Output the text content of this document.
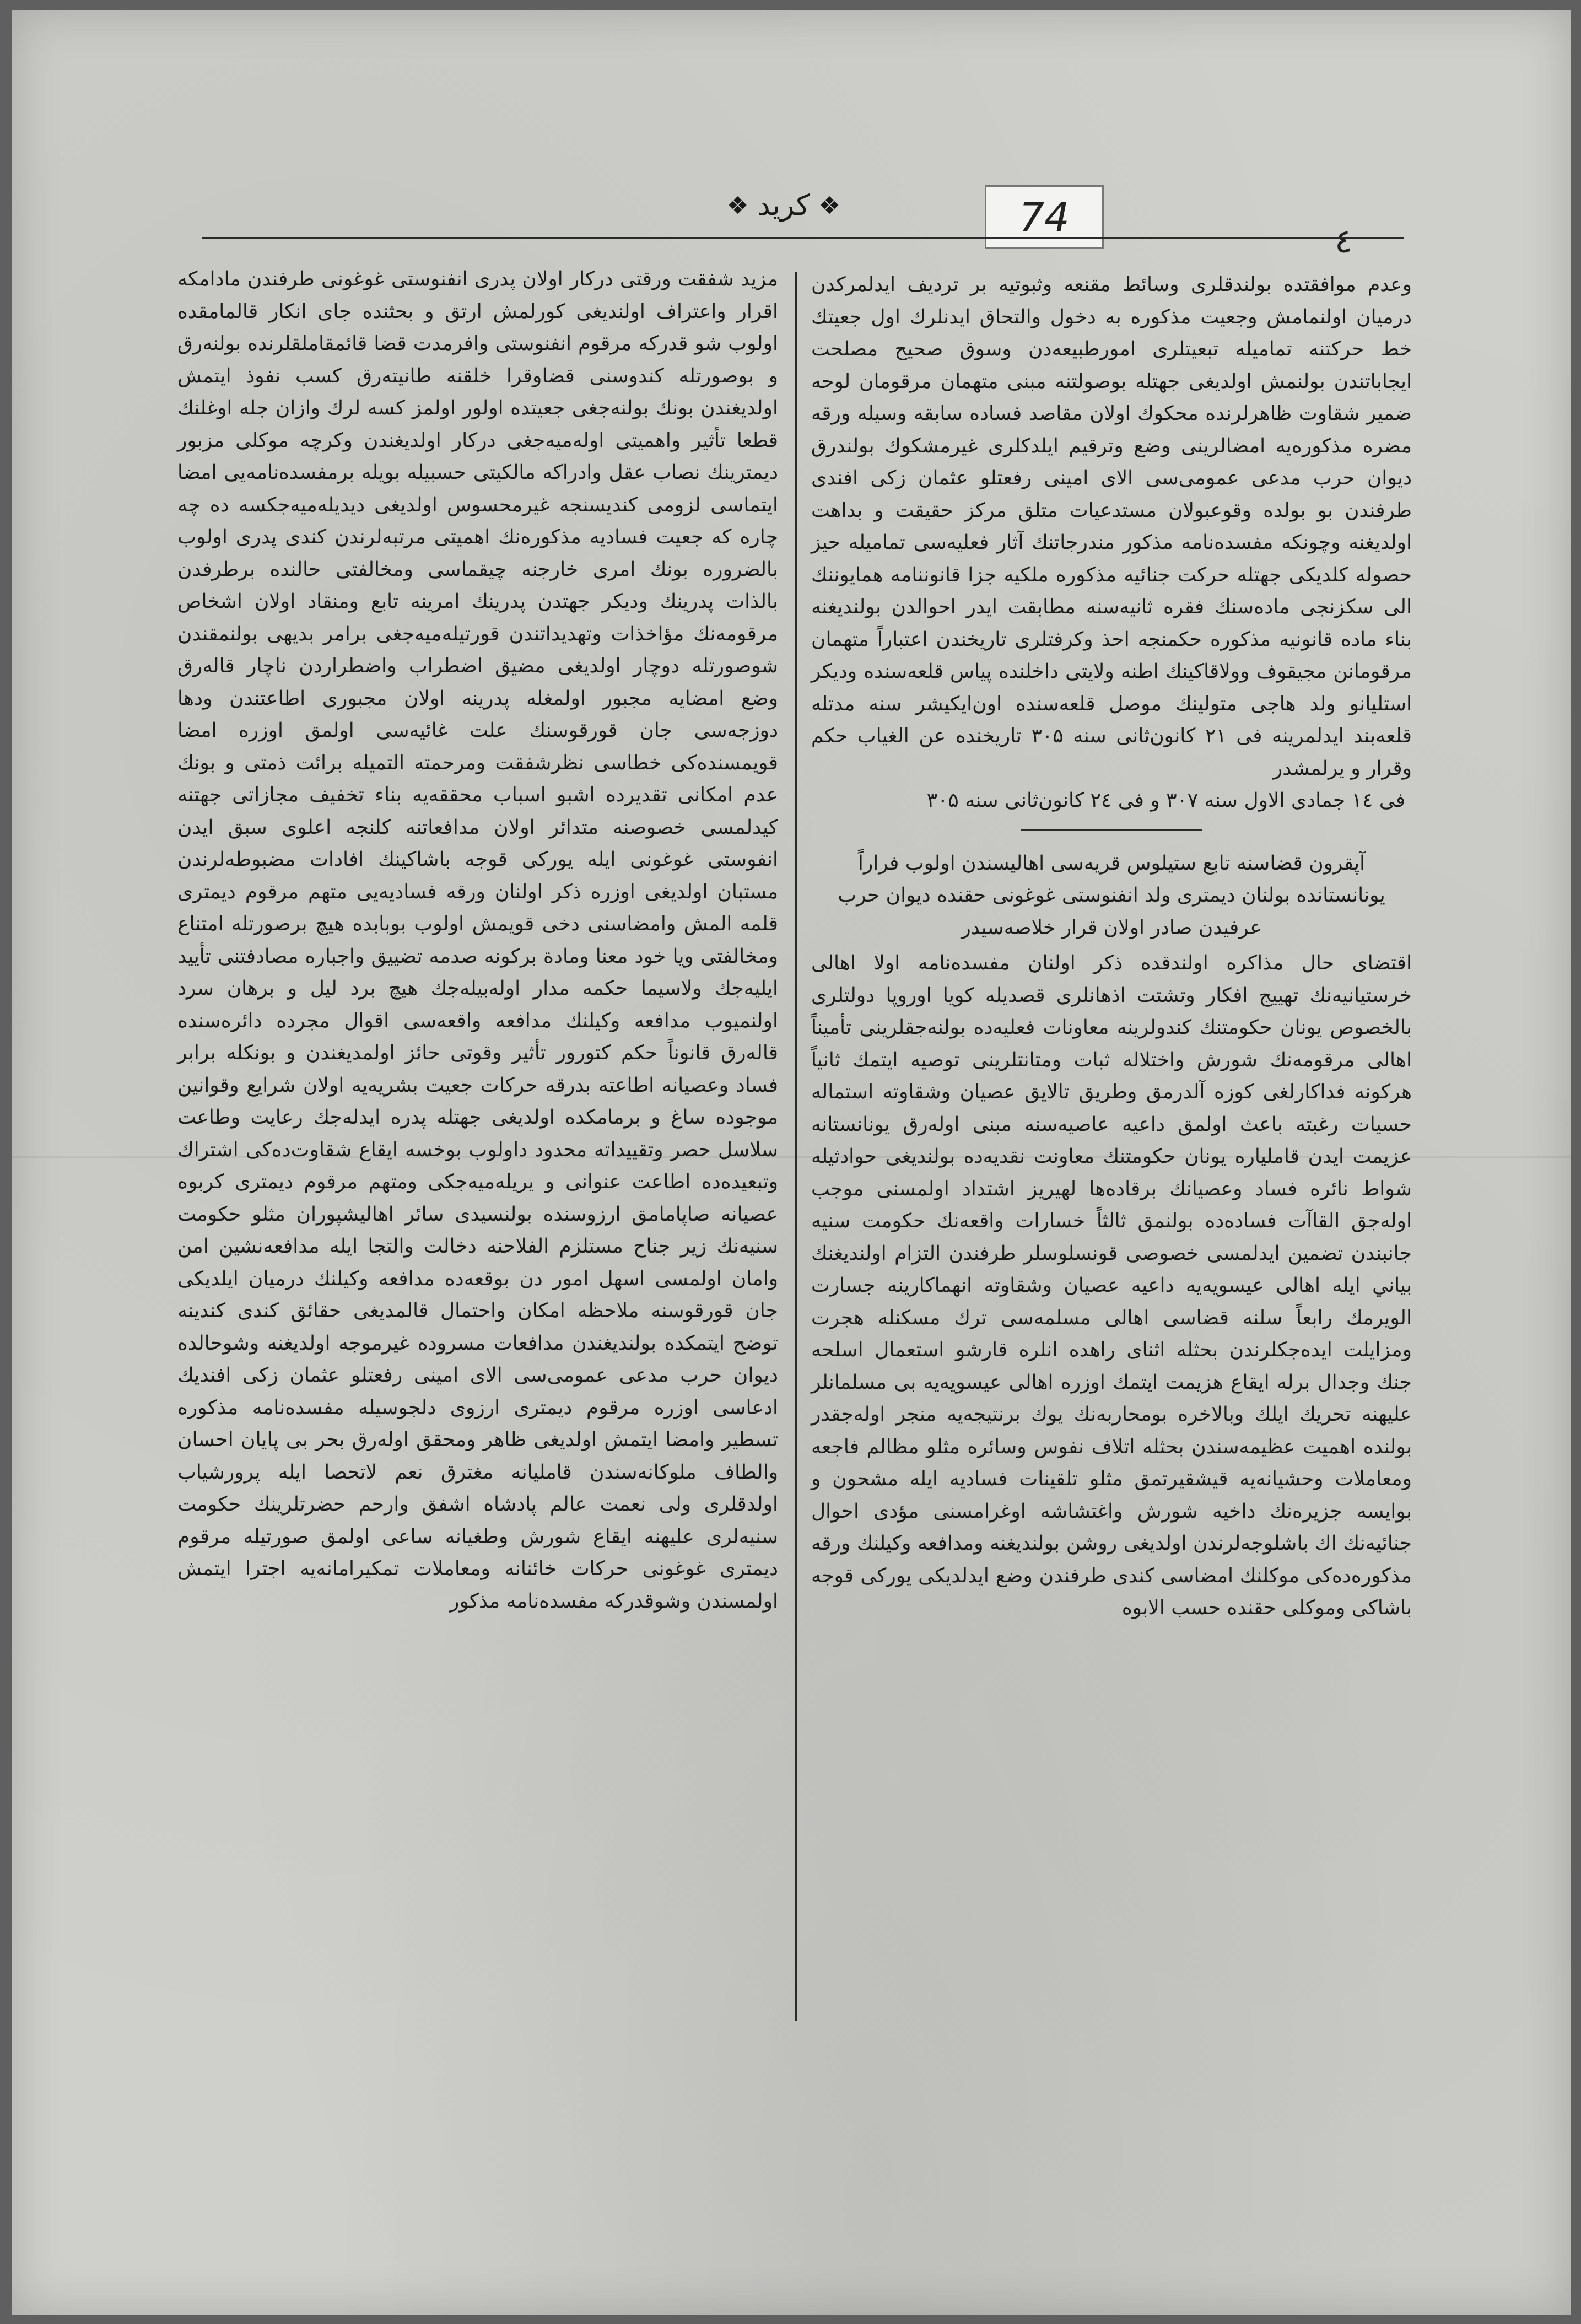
❖ کريد ❖	74
٤

وعدم موافقتده بولندقلری وسائط مقنعه وثبوتيه بر ترديف ايدلمرکدن درميان اولنمامش وجعيت مذکوره به دخول والتحاق ايدنلرك اول جعيتك خط حرکتنه تماميله تبعيتلری امورطبيعه‌دن وسوق صحيح مصلحت ايجاباتندن بولنمش اولديغی جهتله بوصولتنه مبنی متهمان مرقومان لوحه ضمير شقاوت ظاهرلرنده محکوك اولان مقاصد فساده سابقه وسيله ورقه مضره مذکوره‌يه امضالرينی وضع وترقيم ايلدکلری غيرمشکوك بولندرق ديوان حرب مدعی عمومی‌سی الای امينی رفعتلو عثمان زکی افندی طرفندن بو بولده وقوعبولان مستدعيات متلق مرکز حقيقت و بداهت اولديغنه وچونکه مفسده‌نامه مذکور مندرجاتنك آثار فعليه‌سی تماميله حيز حصوله کلديکی جهتله حرکت جنائيه مذکوره ملکيه جزا قانوننامه همايوننك الی سکزنجی ماده‌سنك فقره ثانيه‌سنه مطابقت ايدر احوالدن بولنديغنه بناء ماده قانونيه مذکوره حکمنجه احذ وکرفتلری تاريخندن اعتباراً متهمان مرقومانن مجيقوف وولاقاکينك اطنه ولايتی داخلنده پياس قلعه‌سنده وديکر استليانو ولد هاجی متولينك موصل قلعه‌سنده اون‌ايکيشر سنه مدتله قلعه‌بند ايدلمرينه فی ۲۱ کانون‌ثانی سنه ۳۰۵ تاريخنده عن الغياب حکم وقرار و يرلمشدر

فی ۱٤ جمادی الاول سنه ۳۰۷ و فی ۲٤ کانون‌ثانی سنه ۳۰۵

آپقرون قضاسنه تابع ستيلوس قريه‌سی اهاليسندن اولوب فراراً يونانستانده بولنان ديمتری ولد انفنوستی غوغونی حقنده ديوان حرب عرفيدن صادر اولان قرار خلاصه‌سيدر

اقتضای حال مذاکره اولندقده ذکر اولنان مفسده‌نامه اولا اهالی خرستيانيه‌نك تهييج افکار وتشتت اذهانلری قصديله کويا اوروپا دولتلری بالخصوص يونان حکومتنك کندولرينه معاونات فعليه‌ده بولنه‌جقلرينی تأميناً اهالی مرقومه‌نك شورش واختلاله ثبات ومتانتلرينی توصيه ايتمك ثانياً هرکونه فداکارلغی کوزه آلدرمق وطريق تالايق عصيان وشقاوته استماله حسيات رغبته باعث اولمق داعيه عاصيه‌سنه مبنی اوله‌رق يونانستانه عزيمت ايدن قاملياره يونان حکومتنك معاونت نقديه‌ده بولنديغی حوادثيله شواط نائره فساد وعصيانك برقاده‌ها لهيريز اشتداد اولمسنی موجب اوله‌جق القاآت فساده‌ده بولنمق ثالثاً خسارات واقعه‌نك حکومت سنيه جانبندن تضمين ايدلمسی خصوصی قونسلوسلر طرفندن التزام اولنديغنك بياني ايله اهالی عيسويه‌يه داعيه عصيان وشقاوته انهماکارينه جسارت الويرمك رابعاً سلنه قضاسی اهالی مسلمه‌سی ترك مسکنله هجرت ومزايلت ايده‌جکلرندن بحثله اثنای راهده انلره قارشو استعمال اسلحه جنك وجدال برله ايقاع هزيمت ايتمك اوزره اهالی عيسويه‌يه بی مسلمانلر عليهنه تحريك ايلك وبالاخره بومحاربه‌نك يوك برنتيجه‌يه منجر اوله‌جقدر بولنده اهميت عظيمه‌سندن بحثله اتلاف نفوس وسائره مثلو مظالم فاجعه ومعاملات وحشيانه‌يه قيشقيرتمق مثلو تلقينات فساديه ايله مشحون و بوايسه جزيره‌نك داخيه شورش واغتشاشه اوغرامسنی مؤدی احوال جنائيه‌نك اك باشلوجه‌لرندن اولديغی روشن بولنديغنه ومدافعه وکيلنك ورقه مذکوره‌ده‌کی موکلنك امضاسی کندی طرفندن وضع ايدلديکی يورکی قوجه باشاکی وموکلی حقنده حسب الابوه

مزيد شفقت ورقتی درکار اولان پدری انفنوستی غوغونی طرفندن مادامکه اقرار واعتراف اولنديغی کورلمش ارتق و بحثنده جای انکار قالمامقده اولوب شو قدرکه مرقوم انفنوستی وافرمدت قضا قائمقاملقلرنده بولنه‌رق و بوصورتله کندوسنی قضاوقرا خلقنه طانيته‌رق کسب نفوذ ايتمش اولديغندن بونك بولنه‌جغی جعيتده اولور اولمز کسه لرك وازان جله اوغلنك قطعا تأثير واهميتی اوله‌ميه‌جغی درکار اولديغندن وکرچه موکلی مزبور ديمترينك نصاب عقل وادراکه مالکيتی حسبيله بويله برمفسده‌نامه‌يی امضا ايتماسی لزومی کنديسنجه غيرمحسوس اولديغی ديديله‌ميه‌جکسه ده چه چاره که جعيت فساديه مذکوره‌نك اهميتی مرتبه‌لرندن کندی پدری اولوب بالضروره بونك امری خارجنه چيقماسی ومخالفتی حالنده برطرفدن بالذات پدرينك ودیکر جهتدن پدرينك امرينه تابع ومنقاد اولان اشخاص مرقومه‌نك مؤاخذات وتهديداتندن قورتيله‌ميه‌جغی برامر بديهی بولنمقندن شوصورتله دوچار اولديغی مضيق اضطراب واضطراردن ناچار قاله‌رق وضع امضايه مجبور اولمغله پدرينه اولان مجبوری اطاعتندن ودها دوزجه‌سی جان قورقوسنك علت غائيه‌سی اولمق اوزره امضا قويمسنده‌کی خطاسی نظرشفقت ومرحمته التميله برائت ذمتی و بونك عدم امکانی تقديرده اشبو اسباب محققه‌يه بناء تخفيف مجازاتی جهتنه کيدلمسی خصوصنه متدائر اولان مدافعاتنه کلنجه اعلوی سبق ايدن انفوستی غوغونی ايله يورکی قوجه باشاکينك افادات مضبوطه‌لرندن مستبان اولديغی اوزره ذکر اولنان ورقه فساديه‌يی متهم مرقوم ديمتری قلمه المش وامضاسنی دخی قويمش اولوب بوبابده هيچ برصورتله امتناع ومخالفتی ويا خود معنا ومادة برکونه صدمه تضييق واجباره مصادفتنی تأييد ايليه‌جك ولاسيما حکمه مدار اوله‌بيله‌جك هيچ برد ليل و برهان سرد اولنميوب مدافعه وکيلنك مدافعه واقعه‌سی اقوال مجرده دائره‌سنده قاله‌رق قانوناً حکم کتورور تأثير وقوتی حائز اولمديغندن و بونکله برابر فساد وعصيانه اطاعته بدرقه حرکات جعيت بشريه‌يه اولان شرايع وقوانين موجوده ساغ و برمامکده اولديغی جهتله پدره ايدله‌جك رعايت وطاعت سلاسل حصر وتقييداته محدود داولوب بوخسه ايقاع شقاوت‌ده‌کی اشتراك وتبعيده‌ده اطاعت عنوانی و يريله‌ميه‌جکی ومتهم مرقوم ديمتری کربوه عصيانه صاپامامق ارزوسنده بولنسيدی سائر اهاليشپوران مثلو حکومت سنيه‌نك زير جناح مستلزم الفلاحنه دخالت والتجا ايله مدافعه‌نشين امن وامان اولمسی اسهل امور دن بوقعه‌ده مدافعه وکيلنك درميان ايلديکی جان قورقوسنه ملاحظه امکان واحتمال قالمديغی حقائق کندی کندينه توضح ايتمکده بولنديغندن مدافعات مسروده غيرموجه اولديغنه وشوحالده ديوان حرب مدعی عمومی‌سی الای امينی رفعتلو عثمان زکی افنديك ادعاسی اوزره مرقوم ديمتری ارزوی دلجوسيله مفسده‌نامه مذکوره تسطير وامضا ايتمش اولديغی ظاهر ومحقق اوله‌رق بحر بی پايان احسان والطاف ملوکانه‌سندن قامليانه مغترق نعم لاتحصا ايله پرورشياب اولدقلری ولی نعمت عالم پادشاه اشفق وارحم حضرتلرينك حکومت سنيه‌لری عليهنه ايقاع شورش وطغيانه ساعی اولمق صورتيله مرقوم ديمتری غوغونی حرکات خائنانه ومعاملات تمکيرامانه‌يه اجترا ايتمش اولمسندن وشوقدرکه مفسده‌نامه مذکور
